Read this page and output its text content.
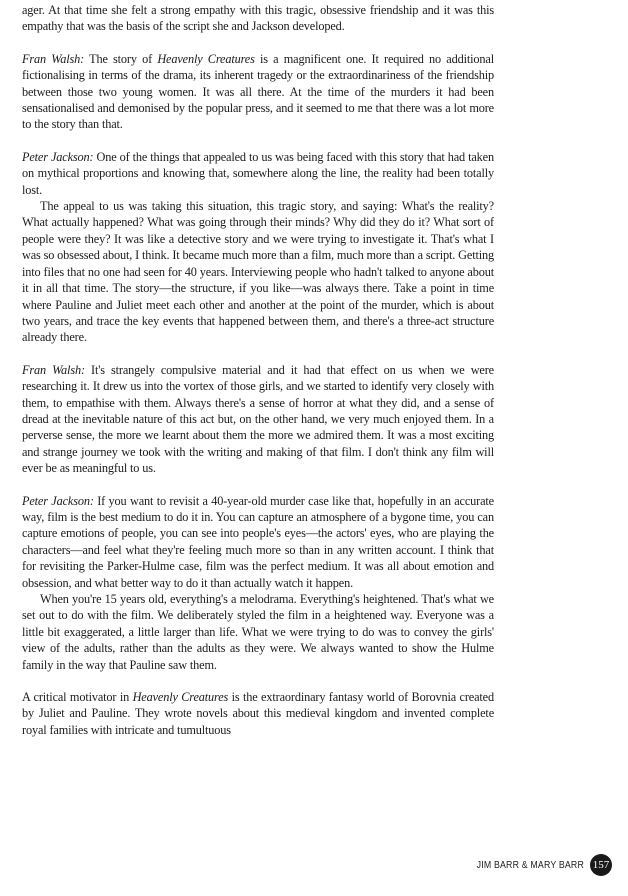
ager. At that time she felt a strong empathy with this tragic, obsessive friendship and it was this empathy that was the basis of the script she and Jackson developed.

Fran Walsh: The story of Heavenly Creatures is a magnificent one. It required no additional fictionalising in terms of the drama, its inherent tragedy or the extraordinariness of the friendship between those two young women. It was all there. At the time of the murders it had been sensationalised and demonised by the popular press, and it seemed to me that there was a lot more to the story than that.

Peter Jackson: One of the things that appealed to us was being faced with this story that had taken on mythical proportions and knowing that, somewhere along the line, the reality had been totally lost.

The appeal to us was taking this situation, this tragic story, and saying: What's the reality? What actually happened? What was going through their minds? Why did they do it? What sort of people were they? It was like a detective story and we were trying to investigate it. That's what I was so obsessed about, I think. It became much more than a film, much more than a script. Getting into files that no one had seen for 40 years. Interviewing people who hadn't talked to anyone about it in all that time. The story—the structure, if you like—was always there. Take a point in time where Pauline and Juliet meet each other and another at the point of the murder, which is about two years, and trace the key events that happened between them, and there's a three-act structure already there.

Fran Walsh: It's strangely compulsive material and it had that effect on us when we were researching it. It drew us into the vortex of those girls, and we started to identify very closely with them, to empathise with them. Always there's a sense of horror at what they did, and a sense of dread at the inevitable nature of this act but, on the other hand, we very much enjoyed them. In a perverse sense, the more we learnt about them the more we admired them. It was a most exciting and strange journey we took with the writing and making of that film. I don't think any film will ever be as meaningful to us.

Peter Jackson: If you want to revisit a 40-year-old murder case like that, hopefully in an accurate way, film is the best medium to do it in. You can capture an atmosphere of a bygone time, you can capture emotions of people, you can see into people's eyes—the actors' eyes, who are playing the characters—and feel what they're feeling much more so than in any written account. I think that for revisiting the Parker-Hulme case, film was the perfect medium. It was all about emotion and obsession, and what better way to do it than actually watch it happen.

When you're 15 years old, everything's a melodrama. Everything's heightened. That's what we set out to do with the film. We deliberately styled the film in a heightened way. Everyone was a little bit exaggerated, a little larger than life. What we were trying to do was to convey the girls' view of the adults, rather than the adults as they were. We always wanted to show the Hulme family in the way that Pauline saw them.

A critical motivator in Heavenly Creatures is the extraordinary fantasy world of Borovnia created by Juliet and Pauline. They wrote novels about this medieval kingdom and invented complete royal families with intricate and tumultuous

JIM BARR & MARY BARR 157
